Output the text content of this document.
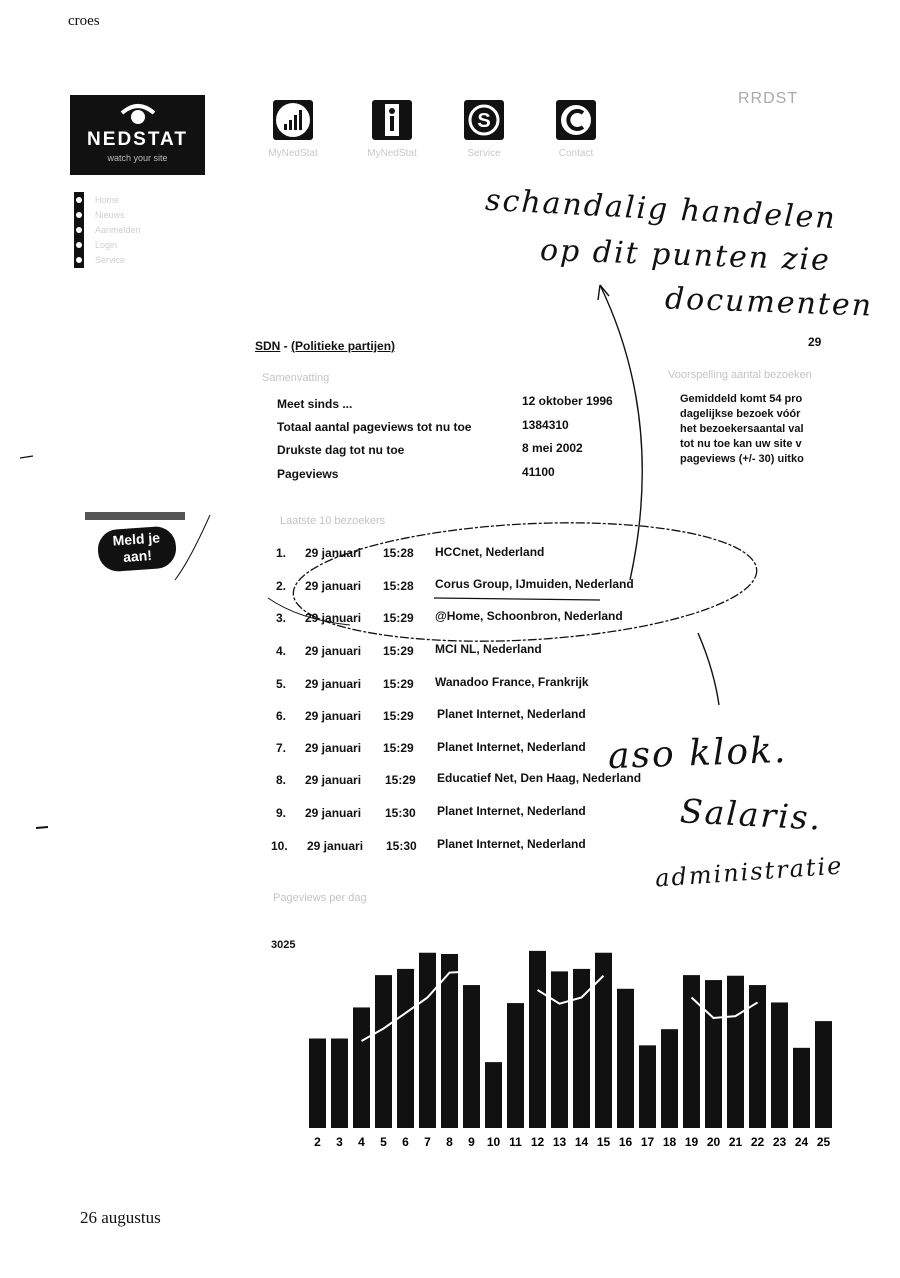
croes
NEDSTAT
watch your site	MyNedStat	MyNedStat
S
Service	Contact
RRDST
Home
Nieuws
Aanmelden
Login
Service
SDN - (Politieke partijen)	29
Samenvatting	Voorspelling aantal bezoeken
Meet sinds ...	12 oktober 1996
Totaal aantal pageviews tot nu toe	1384310
Drukste dag tot nu toe	8 mei 2002
Pageviews	41100
Gemiddeld komt 54 pro
dagelijkse bezoek vóór
het bezoekersaantal val
tot nu toe kan uw site v
pageviews (+/- 30) uitko
Meld je
aan!
Laatste 10 bezoekers
1. 29 januari 15:28 HCCnet, Nederland
2. 29 januari 15:28 Corus Group, IJmuiden, Nederland
3. 29 januari 15:29 @Home, Schoonbron, Nederland
4. 29 januari 15:29 MCI NL, Nederland
5. 29 januari 15:29 Wanadoo France, Frankrijk
6. 29 januari 15:29 Planet Internet, Nederland
7. 29 januari 15:29 Planet Internet, Nederland
8. 29 januari 15:29 Educatief Net, Den Haag, Nederland
9. 29 januari 15:30 Planet Internet, Nederland
10. 29 januari 15:30 Planet Internet, Nederland
schandalig handelen
op dit punten zie
documenten
aso klok.
Salaris.
administratie
Pageviews per dag
3025
2 3 4 5 6 7 8 9 10 11 12 13 14 15 16 17 18 19 20 21 22 23 24 25
26 augustus
